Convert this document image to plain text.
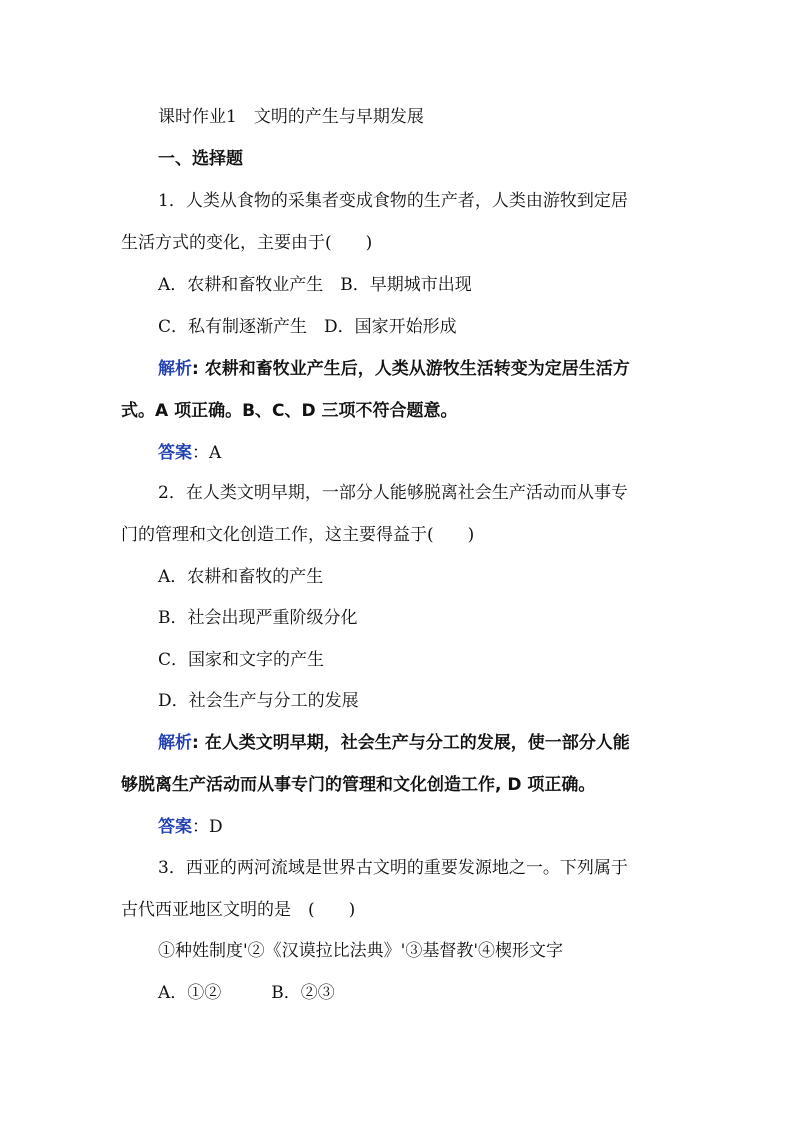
课时作业1　文明的产生与早期发展
一、选择题
1．人类从食物的采集者变成食物的生产者，人类由游牧到定居
生活方式的变化，主要由于(　　)
A．农耕和畜牧业产生　B．早期城市出现
C．私有制逐渐产生　D．国家开始形成
解析: 农耕和畜牧业产生后，人类从游牧生活转变为定居生活方
式。A 项正确。B、C、D 三项不符合题意。
答案：A
2．在人类文明早期，一部分人能够脱离社会生产活动而从事专
门的管理和文化创造工作，这主要得益于(　　)
A．农耕和畜牧的产生
B．社会出现严重阶级分化
C．国家和文字的产生
D．社会生产与分工的发展
解析: 在人类文明早期，社会生产与分工的发展，使一部分人能
够脱离生产活动而从事专门的管理和文化创造工作, D 项正确。
答案：D
3．西亚的两河流域是世界古文明的重要发源地之一。下列属于
古代西亚地区文明的是　(　　)
①种姓制度'②《汉谟拉比法典》'③基督教'④楔形文字
A．①②	B．②③
